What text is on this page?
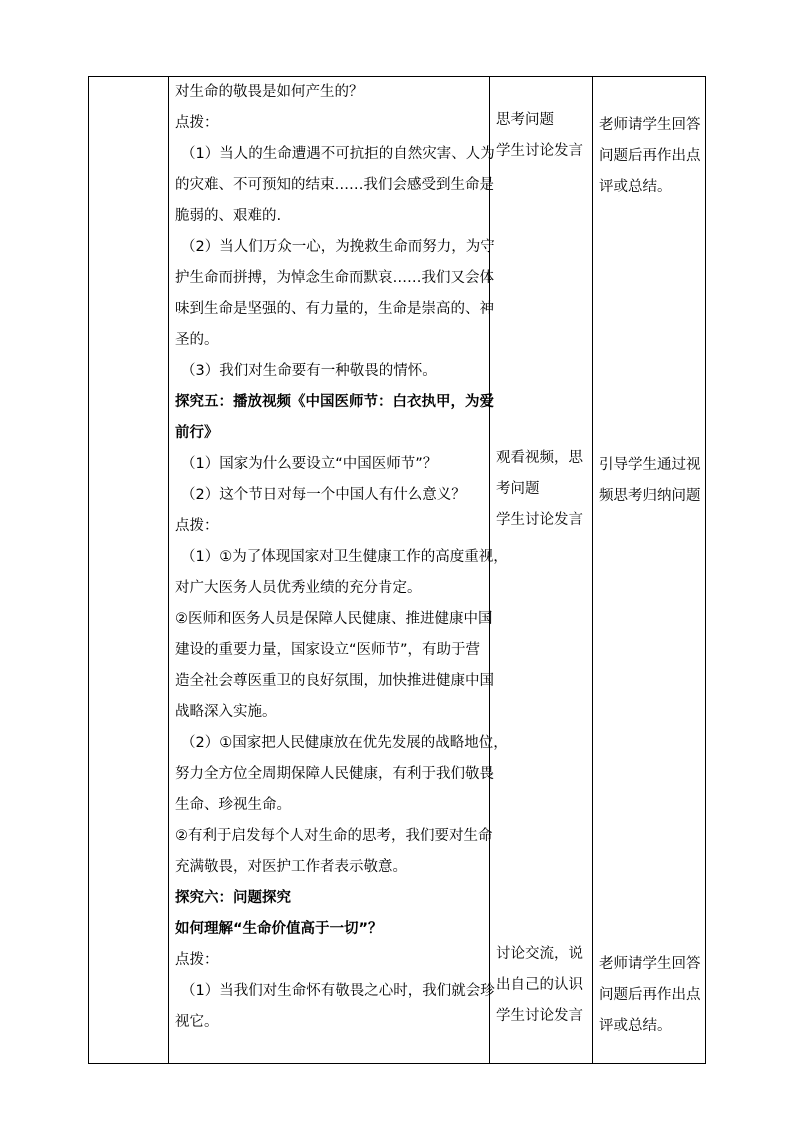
对生命的敬畏是如何产生的？

点拨：

（1）当人的生命遭遇不可抗拒的自然灾害、人为

的灾难、不可预知的结束……我们会感受到生命是

脆弱的、艰难的.

（2）当人们万众一心，为挽救生命而努力，为守

护生命而拼搏，为悼念生命而默哀……我们又会体

味到生命是坚强的、有力量的，生命是崇高的、神

圣的。

（3）我们对生命要有一种敬畏的情怀。

探究五：播放视频《中国医师节：白衣执甲，为爱

前行》

（1）国家为什么要设立“中国医师节”？

（2）这个节日对每一个中国人有什么意义？

点拨：

（1）①为了体现国家对卫生健康工作的高度重视，

对广大医务人员优秀业绩的充分肯定。

②医师和医务人员是保障人民健康、推进健康中国

建设的重要力量，国家设立“医师节”，有助于营

造全社会尊医重卫的良好氛围，加快推进健康中国

战略深入实施。

（2）①国家把人民健康放在优先发展的战略地位，

努力全方位全周期保障人民健康，有利于我们敬畏

生命、珍视生命。

②有利于启发每个人对生命的思考，我们要对生命

充满敬畏，对医护工作者表示敬意。

探究六：问题探究

如何理解“生命价值高于一切”？

点拨：

（1）当我们对生命怀有敬畏之心时，我们就会珍

视它。

思考问题

学生讨论发言

观看视频，思

考问题

学生讨论发言

讨论交流，说

出自己的认识

学生讨论发言

老师请学生回答

问题后再作出点

评或总结。

引导学生通过视

频思考归纳问题

老师请学生回答

问题后再作出点

评或总结。
